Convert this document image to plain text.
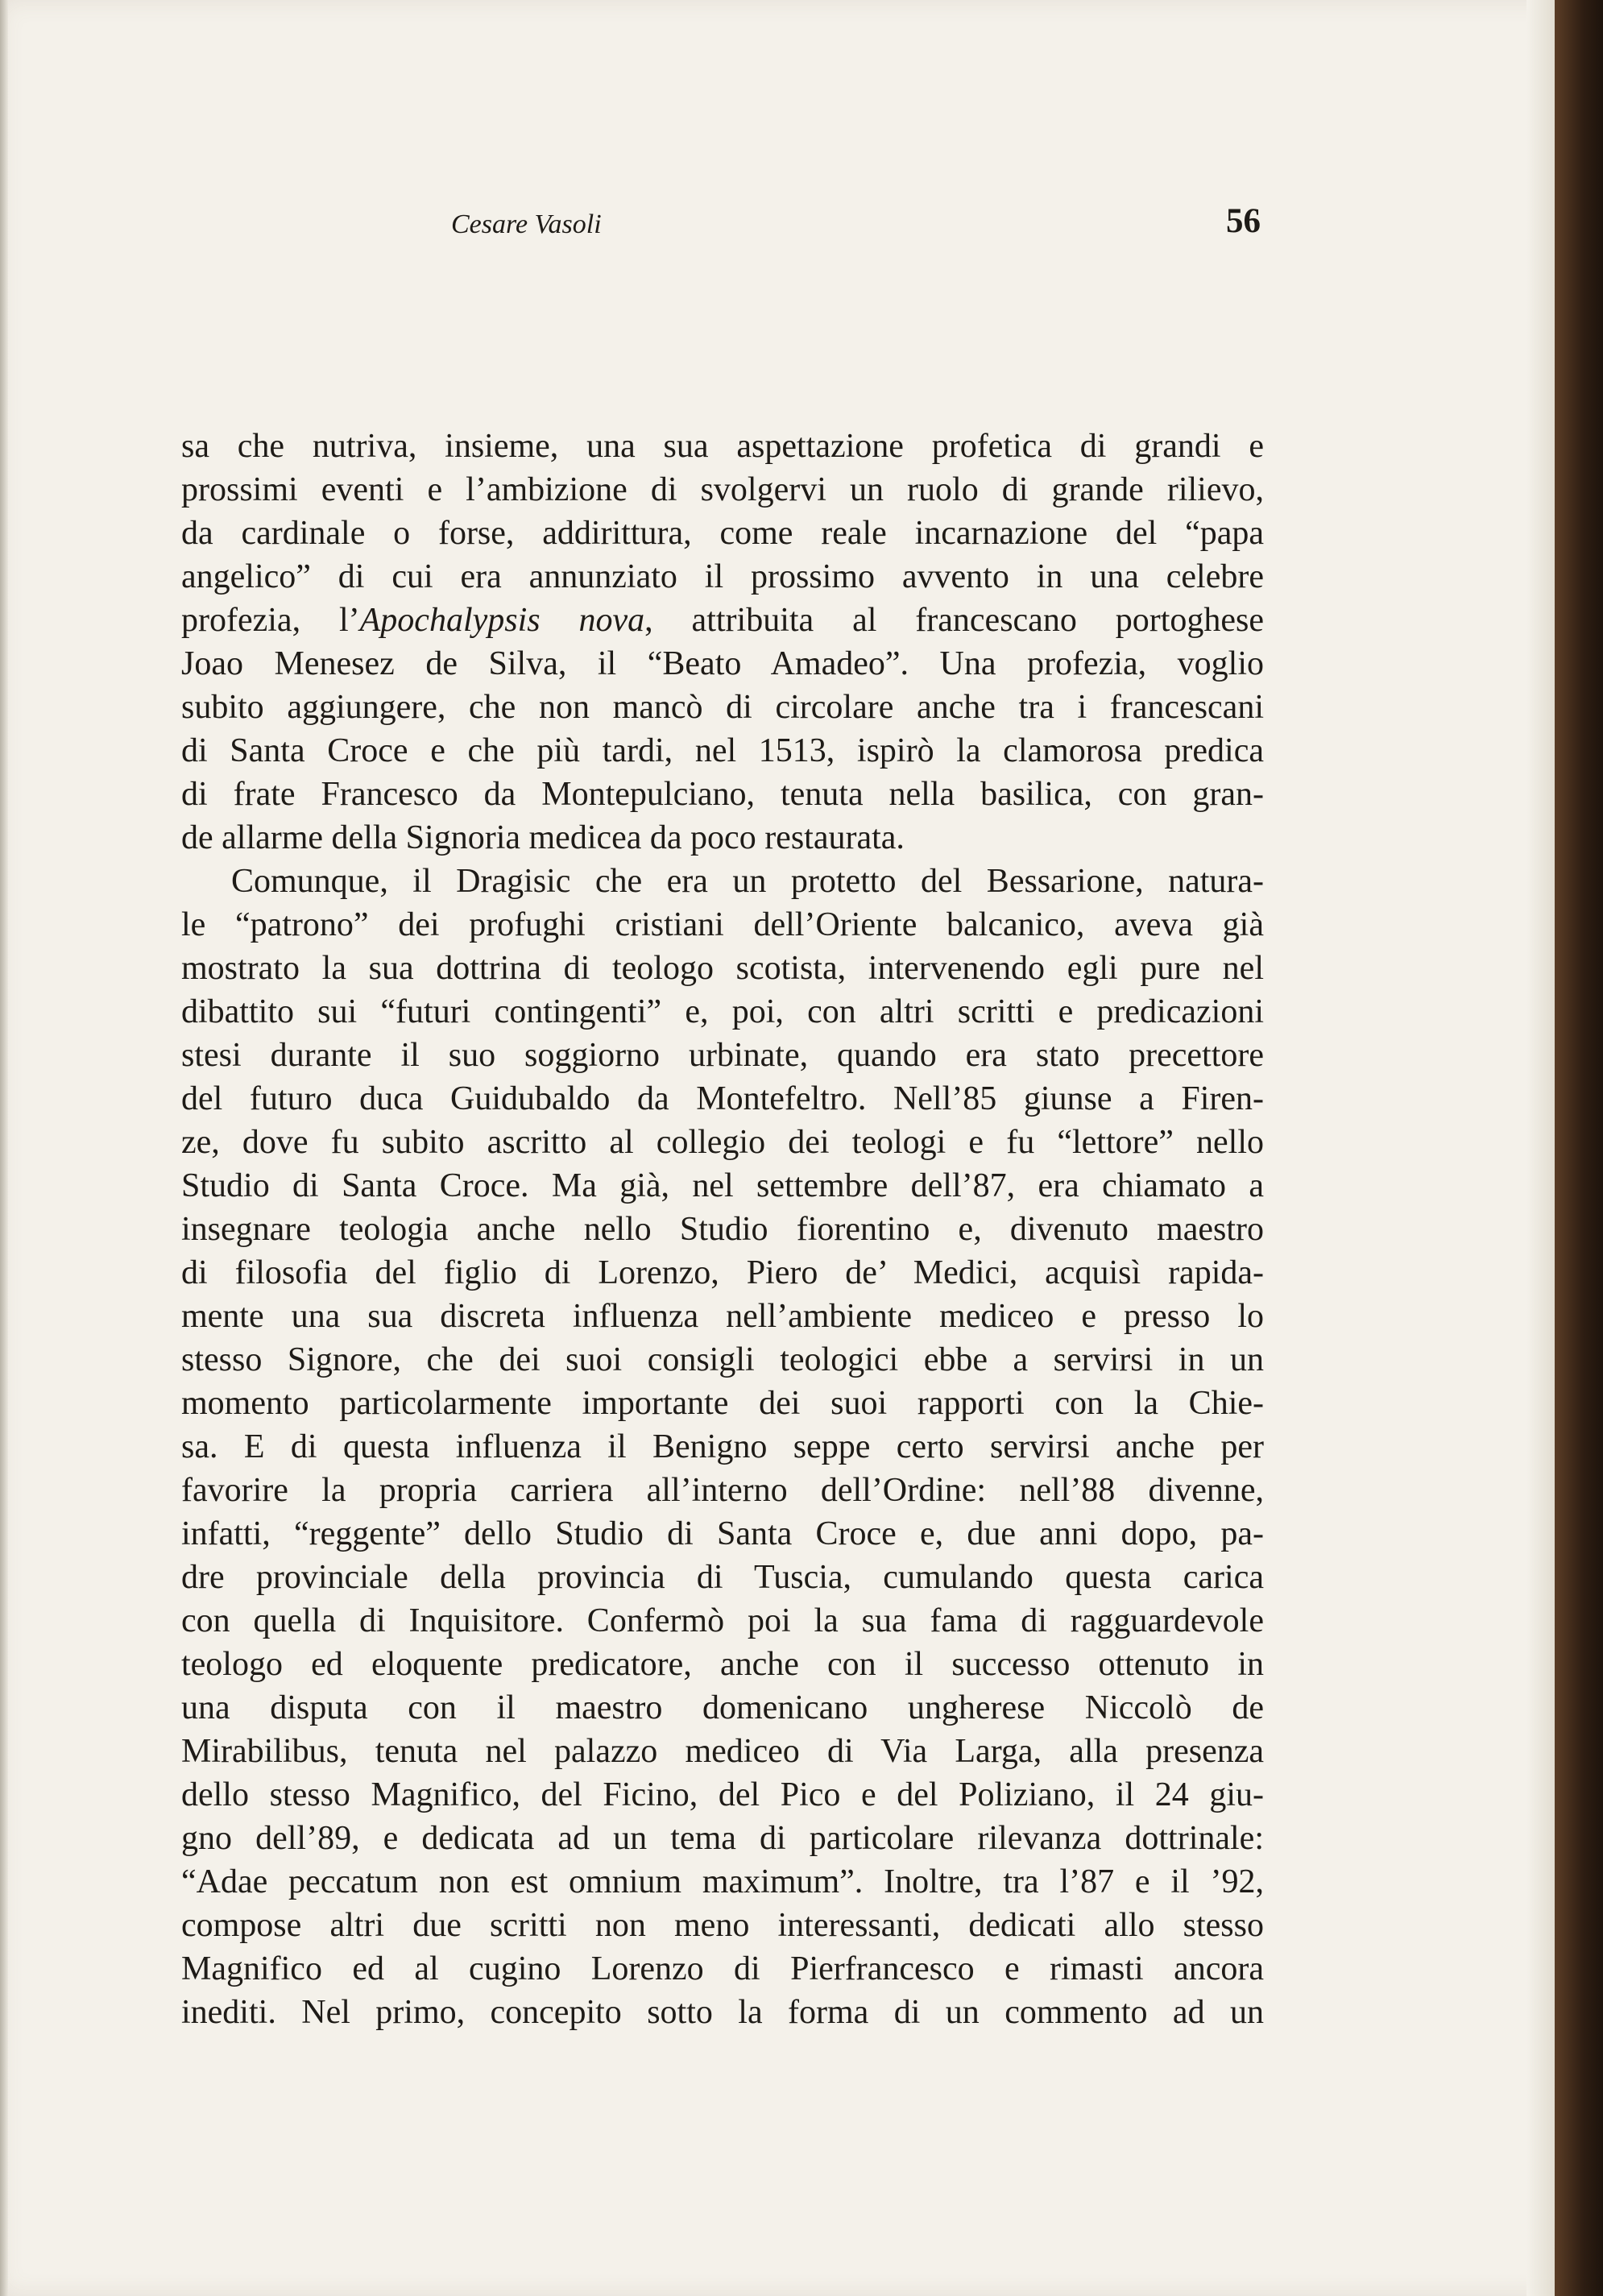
Cesare Vasoli	56
sa che nutriva, insieme, una sua aspettazione profetica di grandi e
prossimi eventi e l’ambizione di svolgervi un ruolo di grande rilievo,
da cardinale o forse, addirittura, come reale incarnazione del “papa
angelico” di cui era annunziato il prossimo avvento in una celebre
profezia, l’Apochalypsis nova, attribuita al francescano portoghese
Joao Menesez de Silva, il “Beato Amadeo”. Una profezia, voglio
subito aggiungere, che non mancò di circolare anche tra i francescani
di Santa Croce e che più tardi, nel 1513, ispirò la clamorosa predica
di frate Francesco da Montepulciano, tenuta nella basilica, con gran-
de allarme della Signoria medicea da poco restaurata.
Comunque, il Dragisic che era un protetto del Bessarione, natura-
le “patrono” dei profughi cristiani dell’Oriente balcanico, aveva già
mostrato la sua dottrina di teologo scotista, intervenendo egli pure nel
dibattito sui “futuri contingenti” e, poi, con altri scritti e predicazioni
stesi durante il suo soggiorno urbinate, quando era stato precettore
del futuro duca Guidubaldo da Montefeltro. Nell’85 giunse a Firen-
ze, dove fu subito ascritto al collegio dei teologi e fu “lettore” nello
Studio di Santa Croce. Ma già, nel settembre dell’87, era chiamato a
insegnare teologia anche nello Studio fiorentino e, divenuto maestro
di filosofia del figlio di Lorenzo, Piero de’ Medici, acquisì rapida-
mente una sua discreta influenza nell’ambiente mediceo e presso lo
stesso Signore, che dei suoi consigli teologici ebbe a servirsi in un
momento particolarmente importante dei suoi rapporti con la Chie-
sa. E di questa influenza il Benigno seppe certo servirsi anche per
favorire la propria carriera all’interno dell’Ordine: nell’88 divenne,
infatti, “reggente” dello Studio di Santa Croce e, due anni dopo, pa-
dre provinciale della provincia di Tuscia, cumulando questa carica
con quella di Inquisitore. Confermò poi la sua fama di ragguardevole
teologo ed eloquente predicatore, anche con il successo ottenuto in
una disputa con il maestro domenicano ungherese Niccolò de
Mirabilibus, tenuta nel palazzo mediceo di Via Larga, alla presenza
dello stesso Magnifico, del Ficino, del Pico e del Poliziano, il 24 giu-
gno dell’89, e dedicata ad un tema di particolare rilevanza dottrinale:
“Adae peccatum non est omnium maximum”. Inoltre, tra l’87 e il ’92,
compose altri due scritti non meno interessanti, dedicati allo stesso
Magnifico ed al cugino Lorenzo di Pierfrancesco e rimasti ancora
inediti. Nel primo, concepito sotto la forma di un commento ad un
